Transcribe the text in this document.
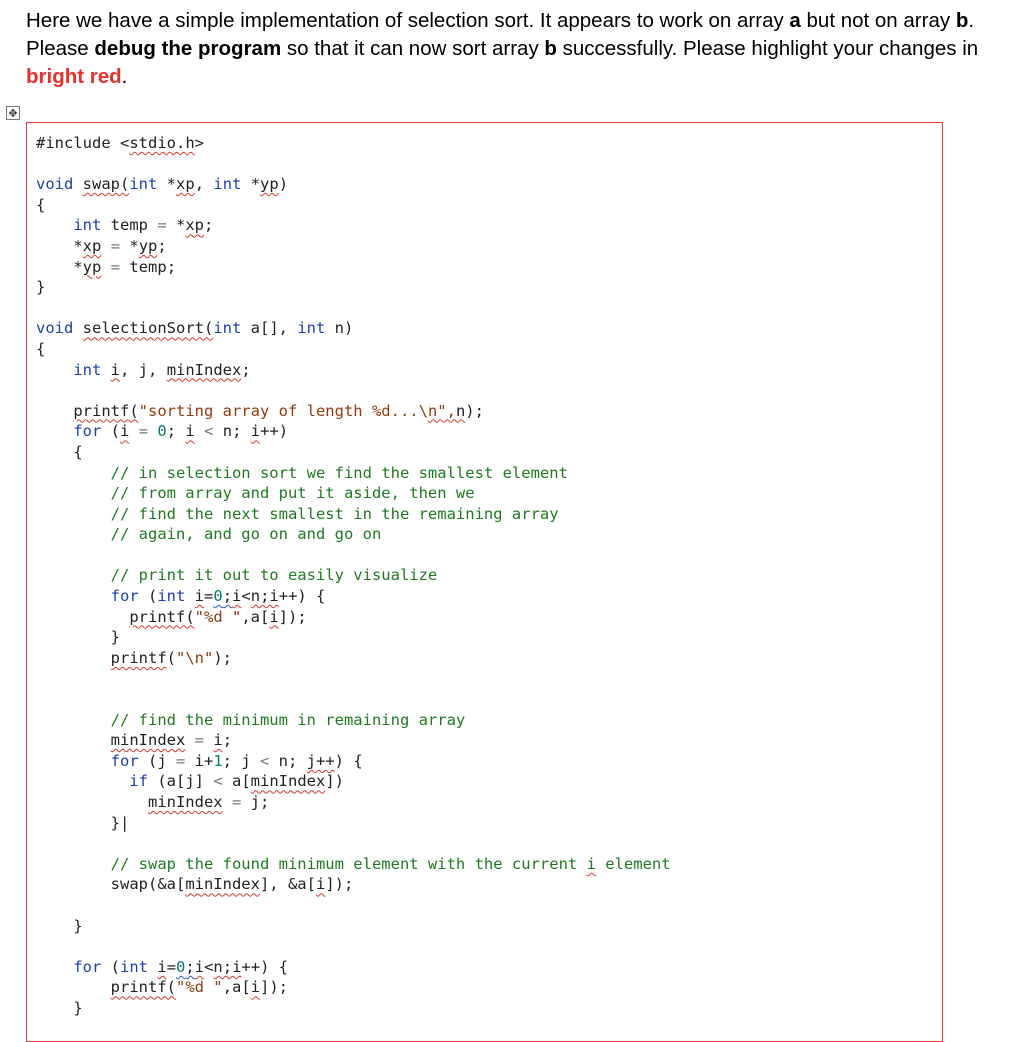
Here we have a simple implementation of selection sort. It appears to work on array a but not on array b. Please debug the program so that it can now sort array b successfully. Please highlight your changes in bright red.
✥
#include <stdio.h>
void swap(int *xp, int *yp)
{
int temp = *xp;
*xp = *yp;
*yp = temp;
}
void selectionSort(int a[], int n)
{
int i, j, minIndex;
printf("sorting array of length %d...\n",n);
for (i = 0; i < n; i++)
{
// in selection sort we find the smallest element
// from array and put it aside, then we
// find the next smallest in the remaining array
// again, and go on and go on
// print it out to easily visualize
for (int i=0;i<n;i++) {
printf("%d ",a[i]);
}
printf("\n");
// find the minimum in remaining array
minIndex = i;
for (j = i+1; j < n; j++) {
if (a[j] < a[minIndex])
minIndex = j;
}|
// swap the found minimum element with the current i element
swap(&a[minIndex], &a[i]);
}
for (int i=0;i<n;i++) {
printf("%d ",a[i]);
}
